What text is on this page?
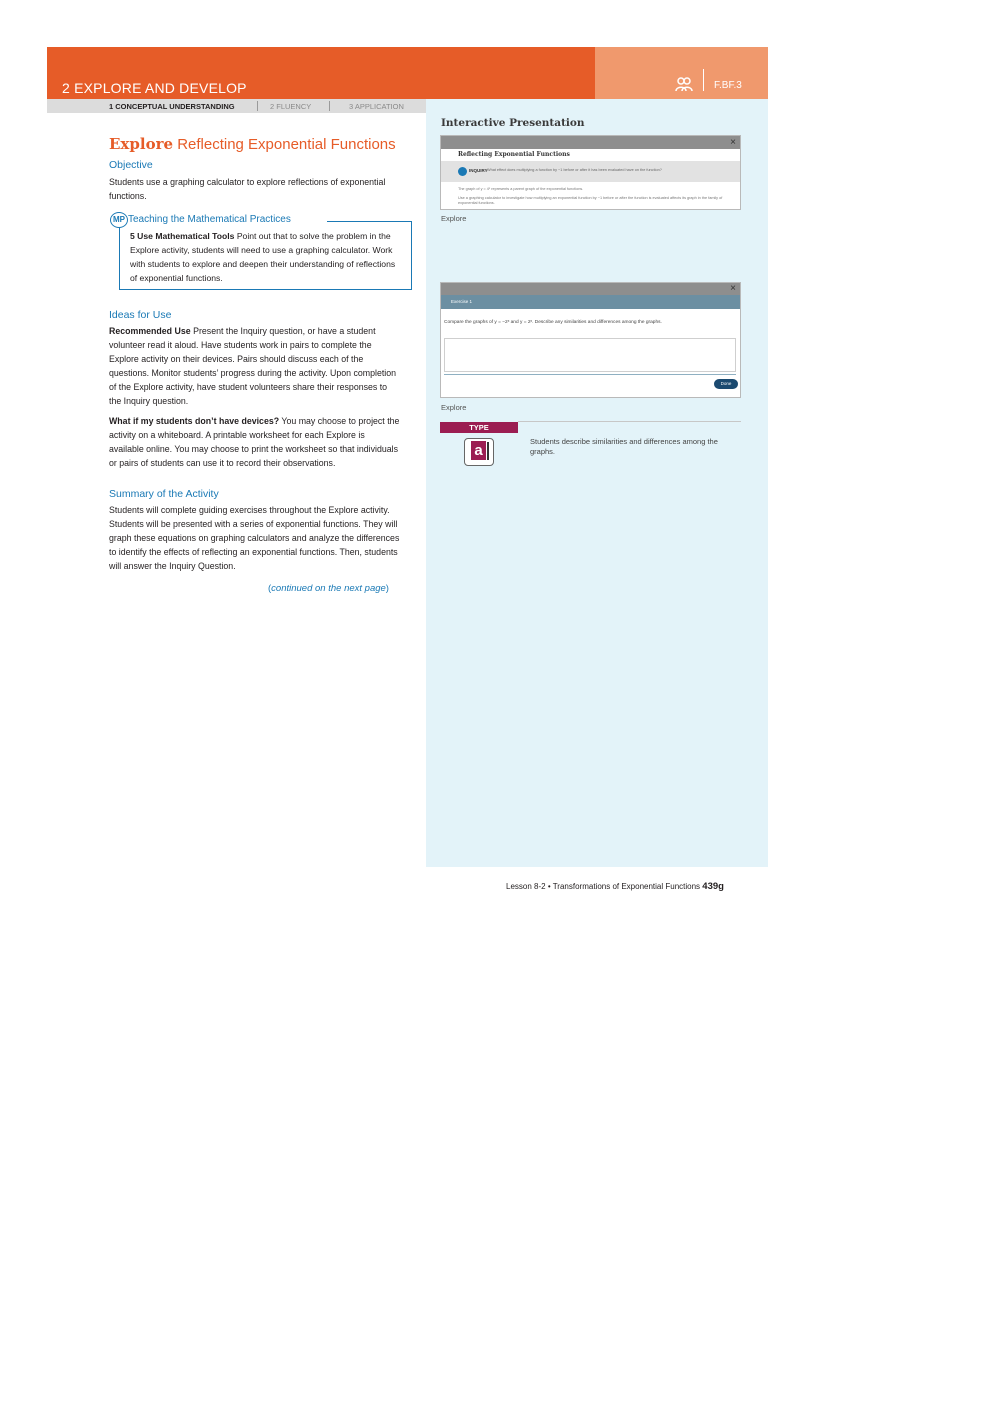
2 EXPLORE AND DEVELOP	F.BF.3
1 CONCEPTUAL UNDERSTANDING	2 FLUENCY	3 APPLICATION
Explore Reflecting Exponential Functions
Objective
Students use a graphing calculator to explore reflections of exponential functions.
MP Teaching the Mathematical Practices
5 Use Mathematical Tools Point out that to solve the problem in the Explore activity, students will need to use a graphing calculator. Work with students to explore and deepen their understanding of reflections of exponential functions.
Ideas for Use
Recommended Use Present the Inquiry question, or have a student volunteer read it aloud. Have students work in pairs to complete the Explore activity on their devices. Pairs should discuss each of the questions. Monitor students’ progress during the activity. Upon completion of the Explore activity, have student volunteers share their responses to the Inquiry question.
What if my students don’t have devices? You may choose to project the activity on a whiteboard. A printable worksheet for each Explore is available online. You may choose to print the worksheet so that individuals or pairs of students can use it to record their observations.
Summary of the Activity
Students will complete guiding exercises throughout the Explore activity. Students will be presented with a series of exponential functions. They will graph these equations on graphing calculators and analyze the differences to identify the effects of reflecting an exponential functions. Then, students will answer the Inquiry Question.
(continued on the next page)
Interactive Presentation
×
Reflecting Exponential Functions
INQUIRY What effect does multiplying a function by −1 before or after it has been evaluated have on the function?
The graph of y = 4ˣ represents a parent graph of the exponential functions.
Use a graphing calculator to investigate how multiplying an exponential function by −1 before or after the function is evaluated affects its graph in the family of exponential functions.
Explore
×
Exercise 1
Compare the graphs of y = −2ˣ and y = 2ˣ. Describe any similarities and differences among the graphs.
Done
Explore
TYPE
a
Students describe similarities and differences among the graphs.
Lesson 8-2 • Transformations of Exponential Functions 439g
